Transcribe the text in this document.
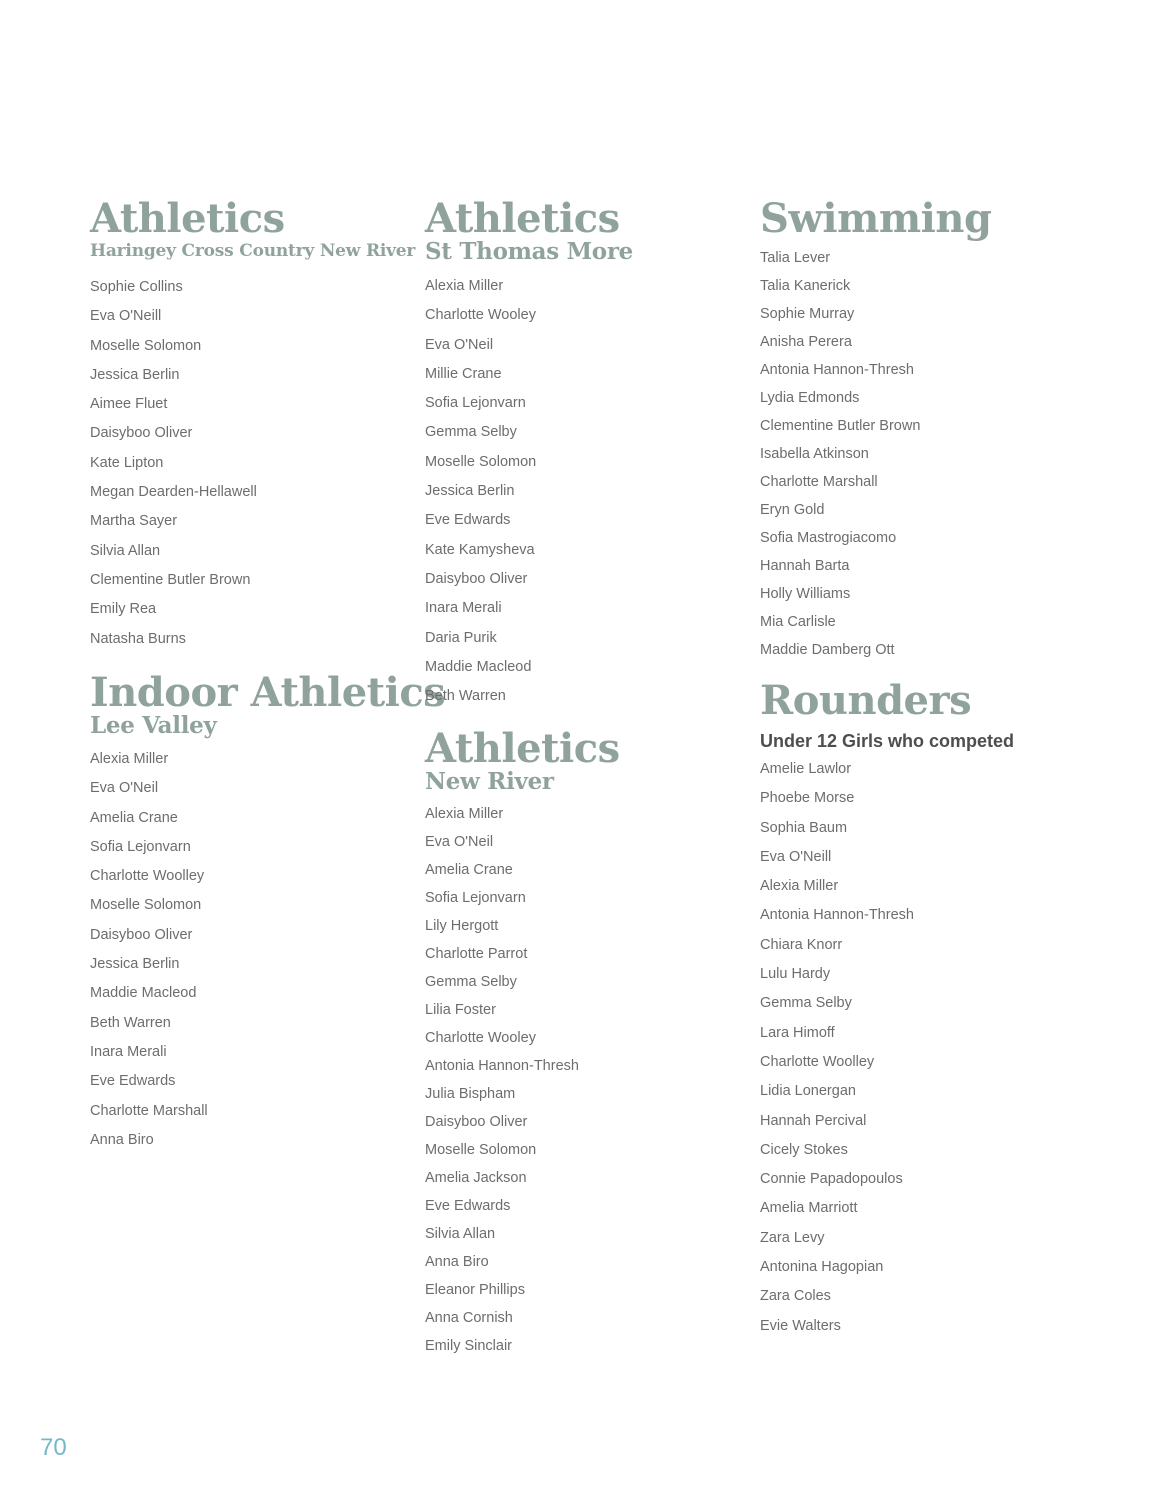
Athletics
Haringey Cross Country New River
Sophie Collins
Eva O'Neill
Moselle Solomon
Jessica Berlin
Aimee Fluet
Daisyboo Oliver
Kate Lipton
Megan Dearden-Hellawell
Martha Sayer
Silvia Allan
Clementine Butler Brown
Emily Rea
Natasha Burns
Indoor Athletics
Lee Valley
Alexia Miller
Eva O'Neil
Amelia Crane
Sofia Lejonvarn
Charlotte Woolley
Moselle Solomon
Daisyboo Oliver
Jessica Berlin
Maddie Macleod
Beth Warren
Inara Merali
Eve Edwards
Charlotte Marshall
Anna Biro
Athletics
St Thomas More
Alexia Miller
Charlotte Wooley
Eva O'Neil
Millie Crane
Sofia Lejonvarn
Gemma Selby
Moselle Solomon
Jessica Berlin
Eve Edwards
Kate Kamysheva
Daisyboo Oliver
Inara Merali
Daria Purik
Maddie Macleod
Beth Warren
Athletics
New River
Alexia Miller
Eva O'Neil
Amelia Crane
Sofia Lejonvarn
Lily Hergott
Charlotte Parrot
Gemma Selby
Lilia Foster
Charlotte Wooley
Antonia Hannon-Thresh
Julia Bispham
Daisyboo Oliver
Moselle Solomon
Amelia Jackson
Eve Edwards
Silvia Allan
Anna Biro
Eleanor Phillips
Anna Cornish
Emily Sinclair
Swimming
Talia Lever
Talia Kanerick
Sophie Murray
Anisha Perera
Antonia Hannon-Thresh
Lydia Edmonds
Clementine Butler Brown
Isabella Atkinson
Charlotte Marshall
Eryn Gold
Sofia Mastrogiacomo
Hannah Barta
Holly Williams
Mia Carlisle
Maddie Damberg Ott
Rounders
Under 12 Girls who competed
Amelie Lawlor
Phoebe Morse
Sophia Baum
Eva O'Neill
Alexia Miller
Antonia Hannon-Thresh
Chiara Knorr
Lulu Hardy
Gemma Selby
Lara Himoff
Charlotte Woolley
Lidia Lonergan
Hannah Percival
Cicely Stokes
Connie Papadopoulos
Amelia Marriott
Zara Levy
Antonina Hagopian
Zara Coles
Evie Walters
70
